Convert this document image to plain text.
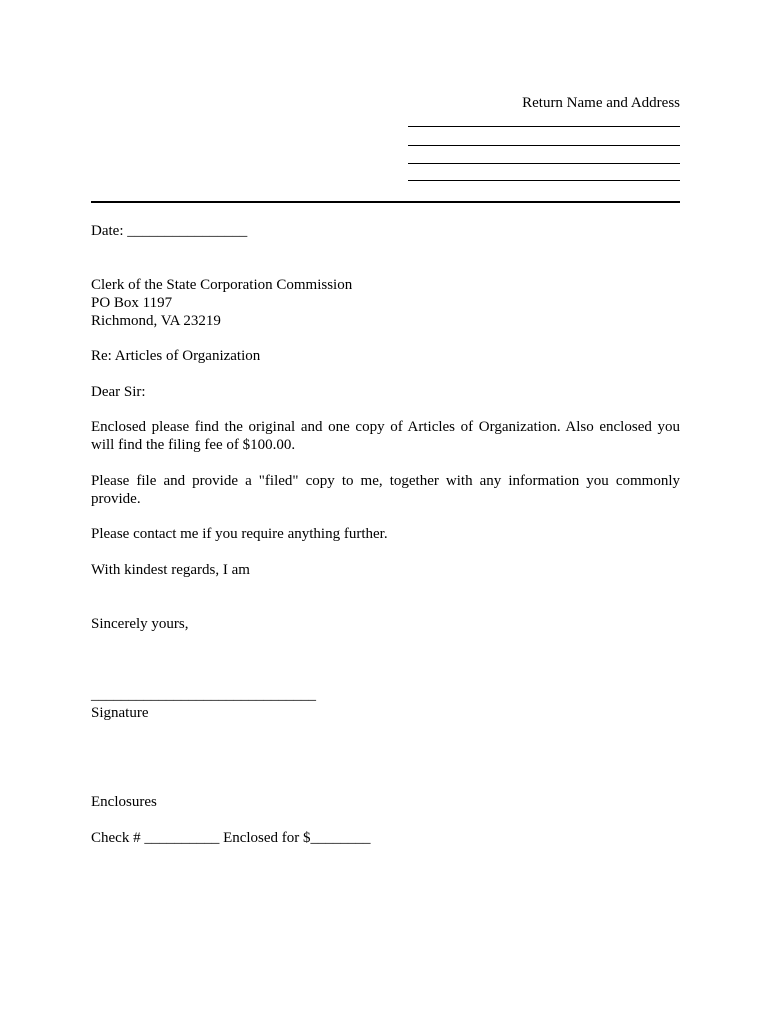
Return Name and Address
Date: ________________
Clerk of the State Corporation Commission
PO Box 1197
Richmond, VA 23219
Re: Articles of Organization
Dear Sir:
Enclosed please find the original and one copy of Articles of Organization. Also enclosed you
will find the filing fee of $100.00.
Please file and provide a "filed" copy to me, together with any information you commonly
provide.
Please contact me if you require anything further.
With kindest regards, I am
Sincerely yours,
______________________________
Signature
Enclosures
Check # __________ Enclosed for $________
